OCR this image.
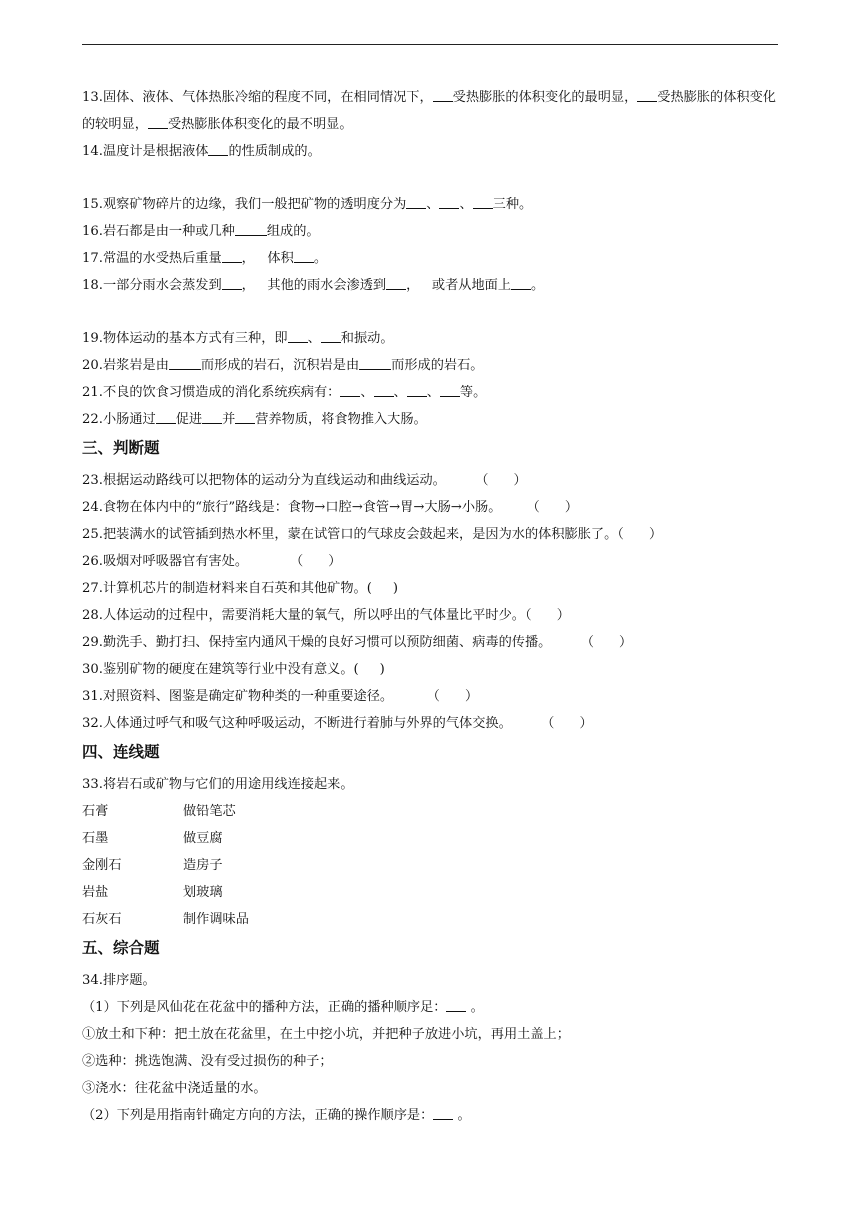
13.固体、液体、气体热胀冷缩的程度不同，在相同情况下， 受热膨胀的体积变化的最明显， 受热膨胀的体积变化的较明显， 受热膨胀体积变化的最不明显。
14.温度计是根据液体 的性质制成的。
15.观察矿物碎片的边缘，我们一般把矿物的透明度分为 、 、 三种。
16.岩石都是由一种或几种 组成的。
17.常温的水受热后重量 ，   体积 。
18.一部分雨水会蒸发到 ，   其他的雨水会渗透到 ，   或者从地面上 。
19.物体运动的基本方式有三种，即 、 和振动。
20.岩浆岩是由 而形成的岩石，沉积岩是由 而形成的岩石。
21.不良的饮食习惯造成的消化系统疾病有： 、 、 、 等。
22.小肠通过 促进 并 营养物质，将食物推入大肠。
三、判断题
23.根据运动路线可以把物体的运动分为直线运动和曲线运动。       （      ）
24.食物在体内中的“旅行”路线是：食物→口腔→食管→胃→大肠→小肠。      （      ）
25.把装满水的试管插到热水杯里，蒙在试管口的气球皮会鼓起来，是因为水的体积膨胀了。（      ）
26.吸烟对呼吸器官有害处。          （      ）
27.计算机芯片的制造材料来自石英和其他矿物。(     )
28.人体运动的过程中，需要消耗大量的氧气，所以呼出的气体量比平时少。（      ）
29.勤洗手、勤打扫、保持室内通风干燥的良好习惯可以预防细菌、病毒的传播。       （      ）
30.鉴别矿物的硬度在建筑等行业中没有意义。(     )
31.对照资料、图鉴是确定矿物种类的一种重要途径。        （      ）
32.人体通过呼气和吸气这种呼吸运动，不断进行着肺与外界的气体交换。       （      ）
四、连线题
33.将岩石或矿物与它们的用途用线连接起来。
石膏	做铅笔芯
石墨	做豆腐
金刚石	造房子
岩盐	划玻璃
石灰石	制作调味品
五、综合题
34.排序题。
（1）下列是风仙花在花盆中的播种方法，正确的播种顺序足： 。
①放土和下种：把土放在花盆里，在土中挖小坑，并把种子放进小坑，再用土盖上；
②选种：挑选饱满、没有受过损伤的种子；
③浇水：往花盆中浇适量的水。
（2）下列是用指南针确定方向的方法，正确的操作顺序是： 。
